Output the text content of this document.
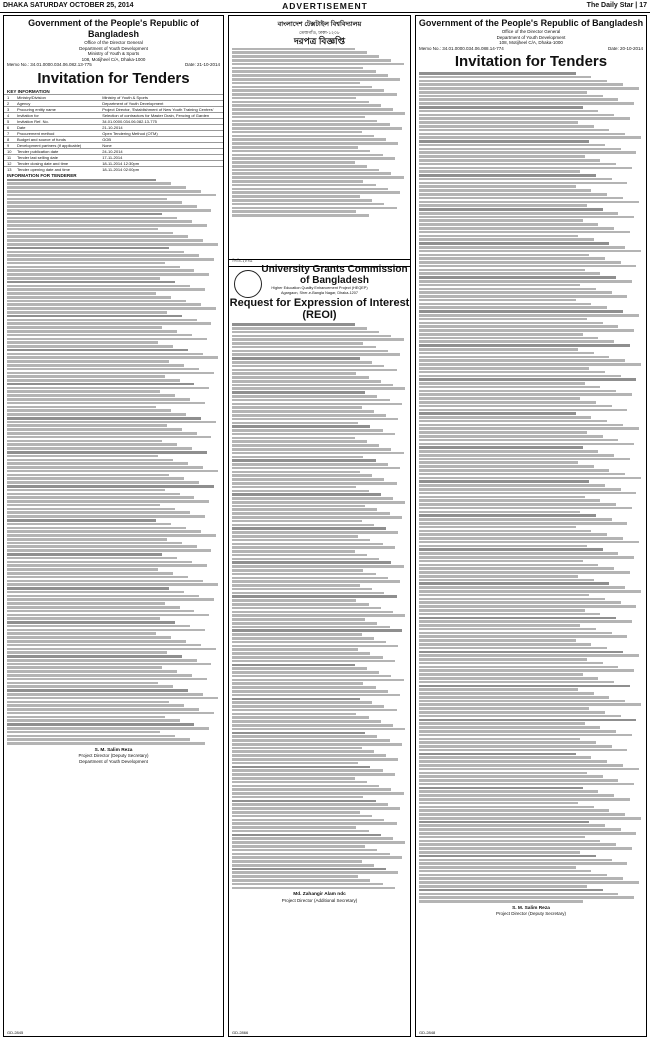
DHAKA SATURDAY OCTOBER 25, 2014	ADVERTISEMENT	The Daily Star | 17
Government of the People's Republic of Bangladesh
Office of the Director General
Department of Youth Development
Ministry of Youth & Sports
108, Motijheel C/A, Dhaka-1000
Memo No.: 34.01.0000.034.06.082.13-775	Date: 21-10-2014
Invitation for Tenders
KEY INFORMATION
1	Ministry/Division	Ministry of Youth & Sports
2	Agency	Department of Youth Development
3	Procuring entity name	Project Director, 'Establishment of New Youth Training Centres'
4	Invitation for	Selection of contractors for Master Drain, Fencing of Garden
5	Invitation Ref. No.	34.01.0000.034.06.082.13-775
6	Date	21-10-2014
7	Procurement method	Open Tendering Method (OTM)
8	Budget and source of funds	GOB
9	Development partners (if applicable)	None
10	Tender publication date	24-10-2014
11	Tender last selling date	17-11-2014
12	Tender closing date and time	18-11-2014 12:30pm
13	Tender opening date and time	18-11-2014 02:00pm
INFORMATION FOR TENDERER
S. M. Salim Reza
Project Director (Deputy Secretary)
Department of Youth Development
GD-2845
বাংলাদেশ টেক্সটাইল বিশ্ববিদ্যালয়
তেজগাঁও, ঢাকা-১২০৮
দরপত্র বিজ্ঞপ্তি
জিডি-২৮৪৯
University Grants Commission of Bangladesh
Higher Education Quality Enhancement Project (HEQEP)
Agargaon, Sher-e-Bangla Nagar, Dhaka-1207
Request for Expression of Interest (REOI)
Md. Zahangir Alam ndc
Project Director (Additional Secretary)
GD-2866
Government of the People's Republic of Bangladesh
Office of the Director General
Department of Youth Development
108, Motijheel C/A, Dhaka-1000
Memo No.: 34.01.0000.034.06.088.14-774	Date: 20-10-2014
Invitation for Tenders
S. M. Salim Reza
Project Director (Deputy Secretary)
GD-2848
